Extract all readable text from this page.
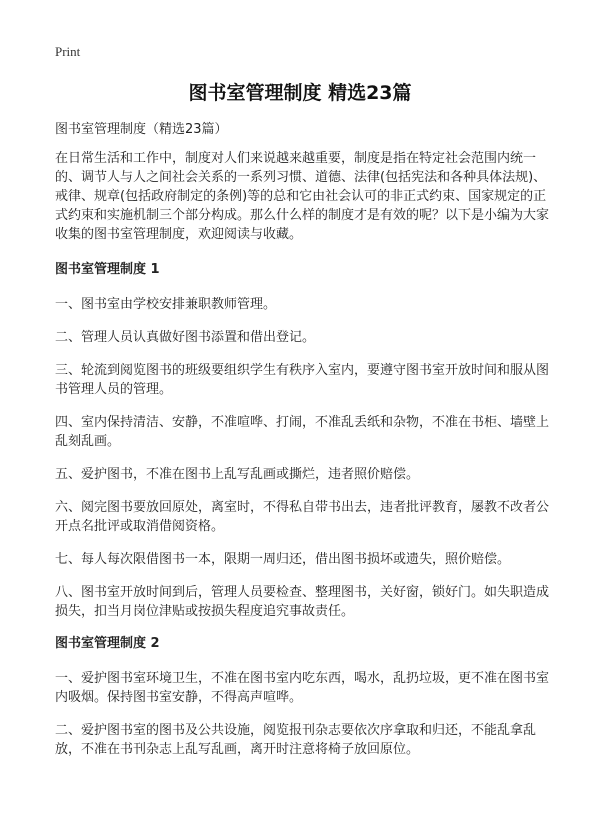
Print
图书室管理制度 精选23篇

图书室管理制度（精选23篇）

在日常生活和工作中，制度对人们来说越来越重要，制度是指在特定社会范围内统一的、调节人与人之间社会关系的一系列习惯、道德、法律(包括宪法和各种具体法规)、戒律、规章(包括政府制定的条例)等的总和它由社会认可的非正式约束、国家规定的正式约束和实施机制三个部分构成。那么什么样的制度才是有效的呢？以下是小编为大家收集的图书室管理制度，欢迎阅读与收藏。

图书室管理制度 1

一、图书室由学校安排兼职教师管理。

二、管理人员认真做好图书添置和借出登记。

三、轮流到阅览图书的班级要组织学生有秩序入室内，要遵守图书室开放时间和服从图书管理人员的管理。

四、室内保持清洁、安静，不准喧哗、打闹，不准乱丢纸和杂物，不准在书柜、墙壁上乱刻乱画。

五、爱护图书，不准在图书上乱写乱画或撕烂，违者照价赔偿。

六、阅完图书要放回原处，离室时，不得私自带书出去，违者批评教育，屡教不改者公开点名批评或取消借阅资格。

七、每人每次限借图书一本，限期一周归还，借出图书损坏或遗失，照价赔偿。

八、图书室开放时间到后，管理人员要检查、整理图书，关好窗，锁好门。如失职造成损失，扣当月岗位津贴或按损失程度追究事故责任。

图书室管理制度 2

一、爱护图书室环境卫生，不准在图书室内吃东西，喝水，乱扔垃圾，更不准在图书室内吸烟。保持图书室安静，不得高声喧哗。

二、爱护图书室的图书及公共设施，阅览报刊杂志要依次序拿取和归还，不能乱拿乱放，不准在书刊杂志上乱写乱画，离开时注意将椅子放回原位。
